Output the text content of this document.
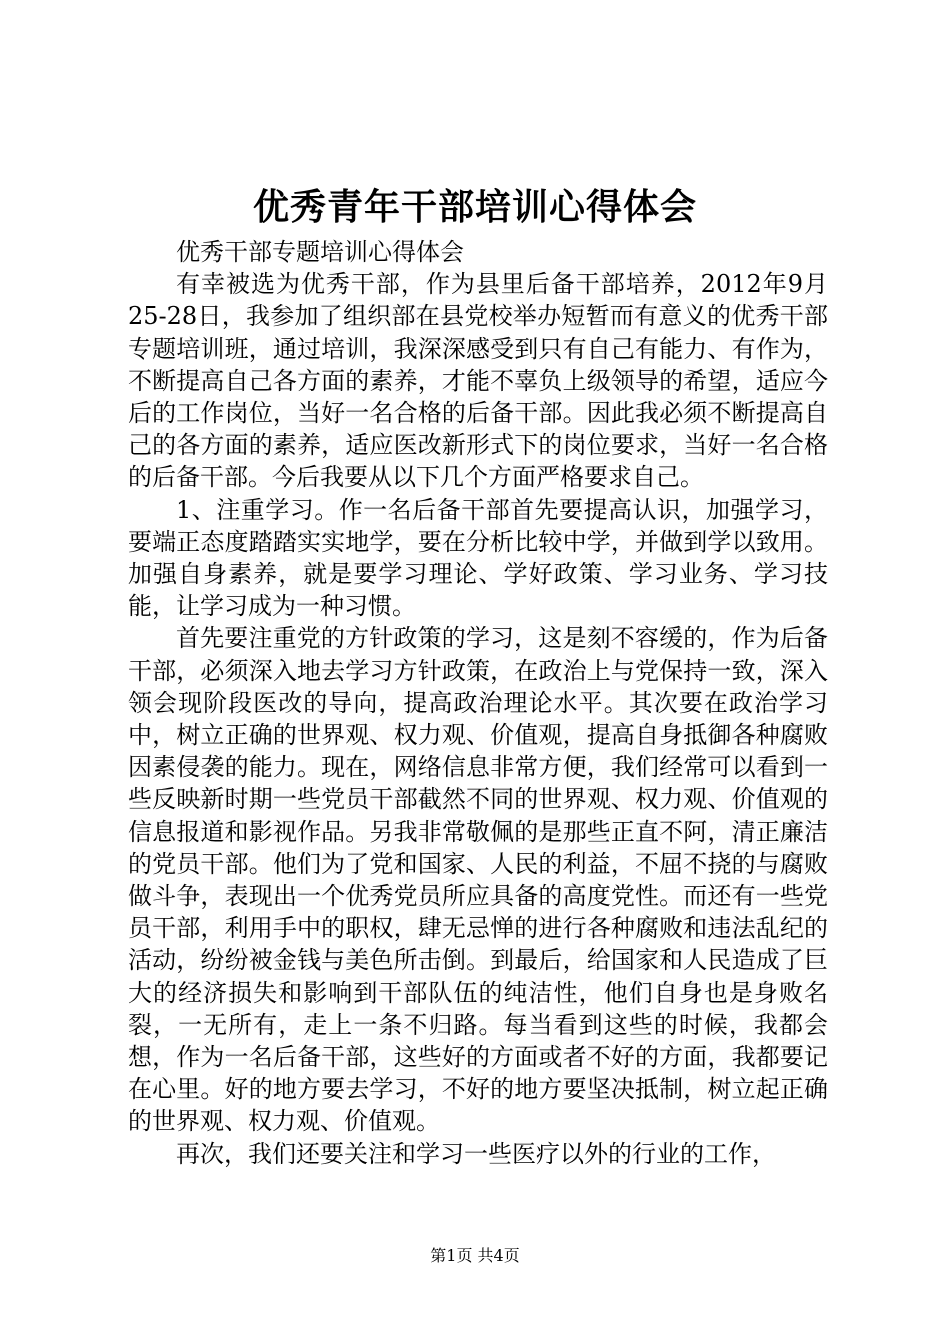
优秀青年干部培训心得体会

优秀干部专题培训心得体会

有幸被选为优秀干部，作为县里后备干部培养，2012年9月25-28日，我参加了组织部在县党校举办短暂而有意义的优秀干部专题培训班，通过培训，我深深感受到只有自己有能力、有作为，不断提高自己各方面的素养，才能不辜负上级领导的希望，适应今后的工作岗位，当好一名合格的后备干部。因此我必须不断提高自己的各方面的素养，适应医改新形式下的岗位要求，当好一名合格的后备干部。今后我要从以下几个方面严格要求自己。

1、注重学习。作一名后备干部首先要提高认识，加强学习，要端正态度踏踏实实地学，要在分析比较中学，并做到学以致用。加强自身素养，就是要学习理论、学好政策、学习业务、学习技能，让学习成为一种习惯。

首先要注重党的方针政策的学习，这是刻不容缓的，作为后备干部，必须深入地去学习方针政策，在政治上与党保持一致，深入领会现阶段医改的导向，提高政治理论水平。其次要在政治学习中，树立正确的世界观、权力观、价值观，提高自身抵御各种腐败因素侵袭的能力。现在，网络信息非常方便，我们经常可以看到一些反映新时期一些党员干部截然不同的世界观、权力观、价值观的信息报道和影视作品。另我非常敬佩的是那些正直不阿，清正廉洁的党员干部。他们为了党和国家、人民的利益，不屈不挠的与腐败做斗争，表现出一个优秀党员所应具备的高度党性。而还有一些党员干部，利用手中的职权，肆无忌惮的进行各种腐败和违法乱纪的活动，纷纷被金钱与美色所击倒。到最后，给国家和人民造成了巨大的经济损失和影响到干部队伍的纯洁性，他们自身也是身败名裂，一无所有，走上一条不归路。每当看到这些的时候，我都会想，作为一名后备干部，这些好的方面或者不好的方面，我都要记在心里。好的地方要去学习，不好的地方要坚决抵制，树立起正确的世界观、权力观、价值观。

再次，我们还要关注和学习一些医疗以外的行业的工作，

第1页 共4页
